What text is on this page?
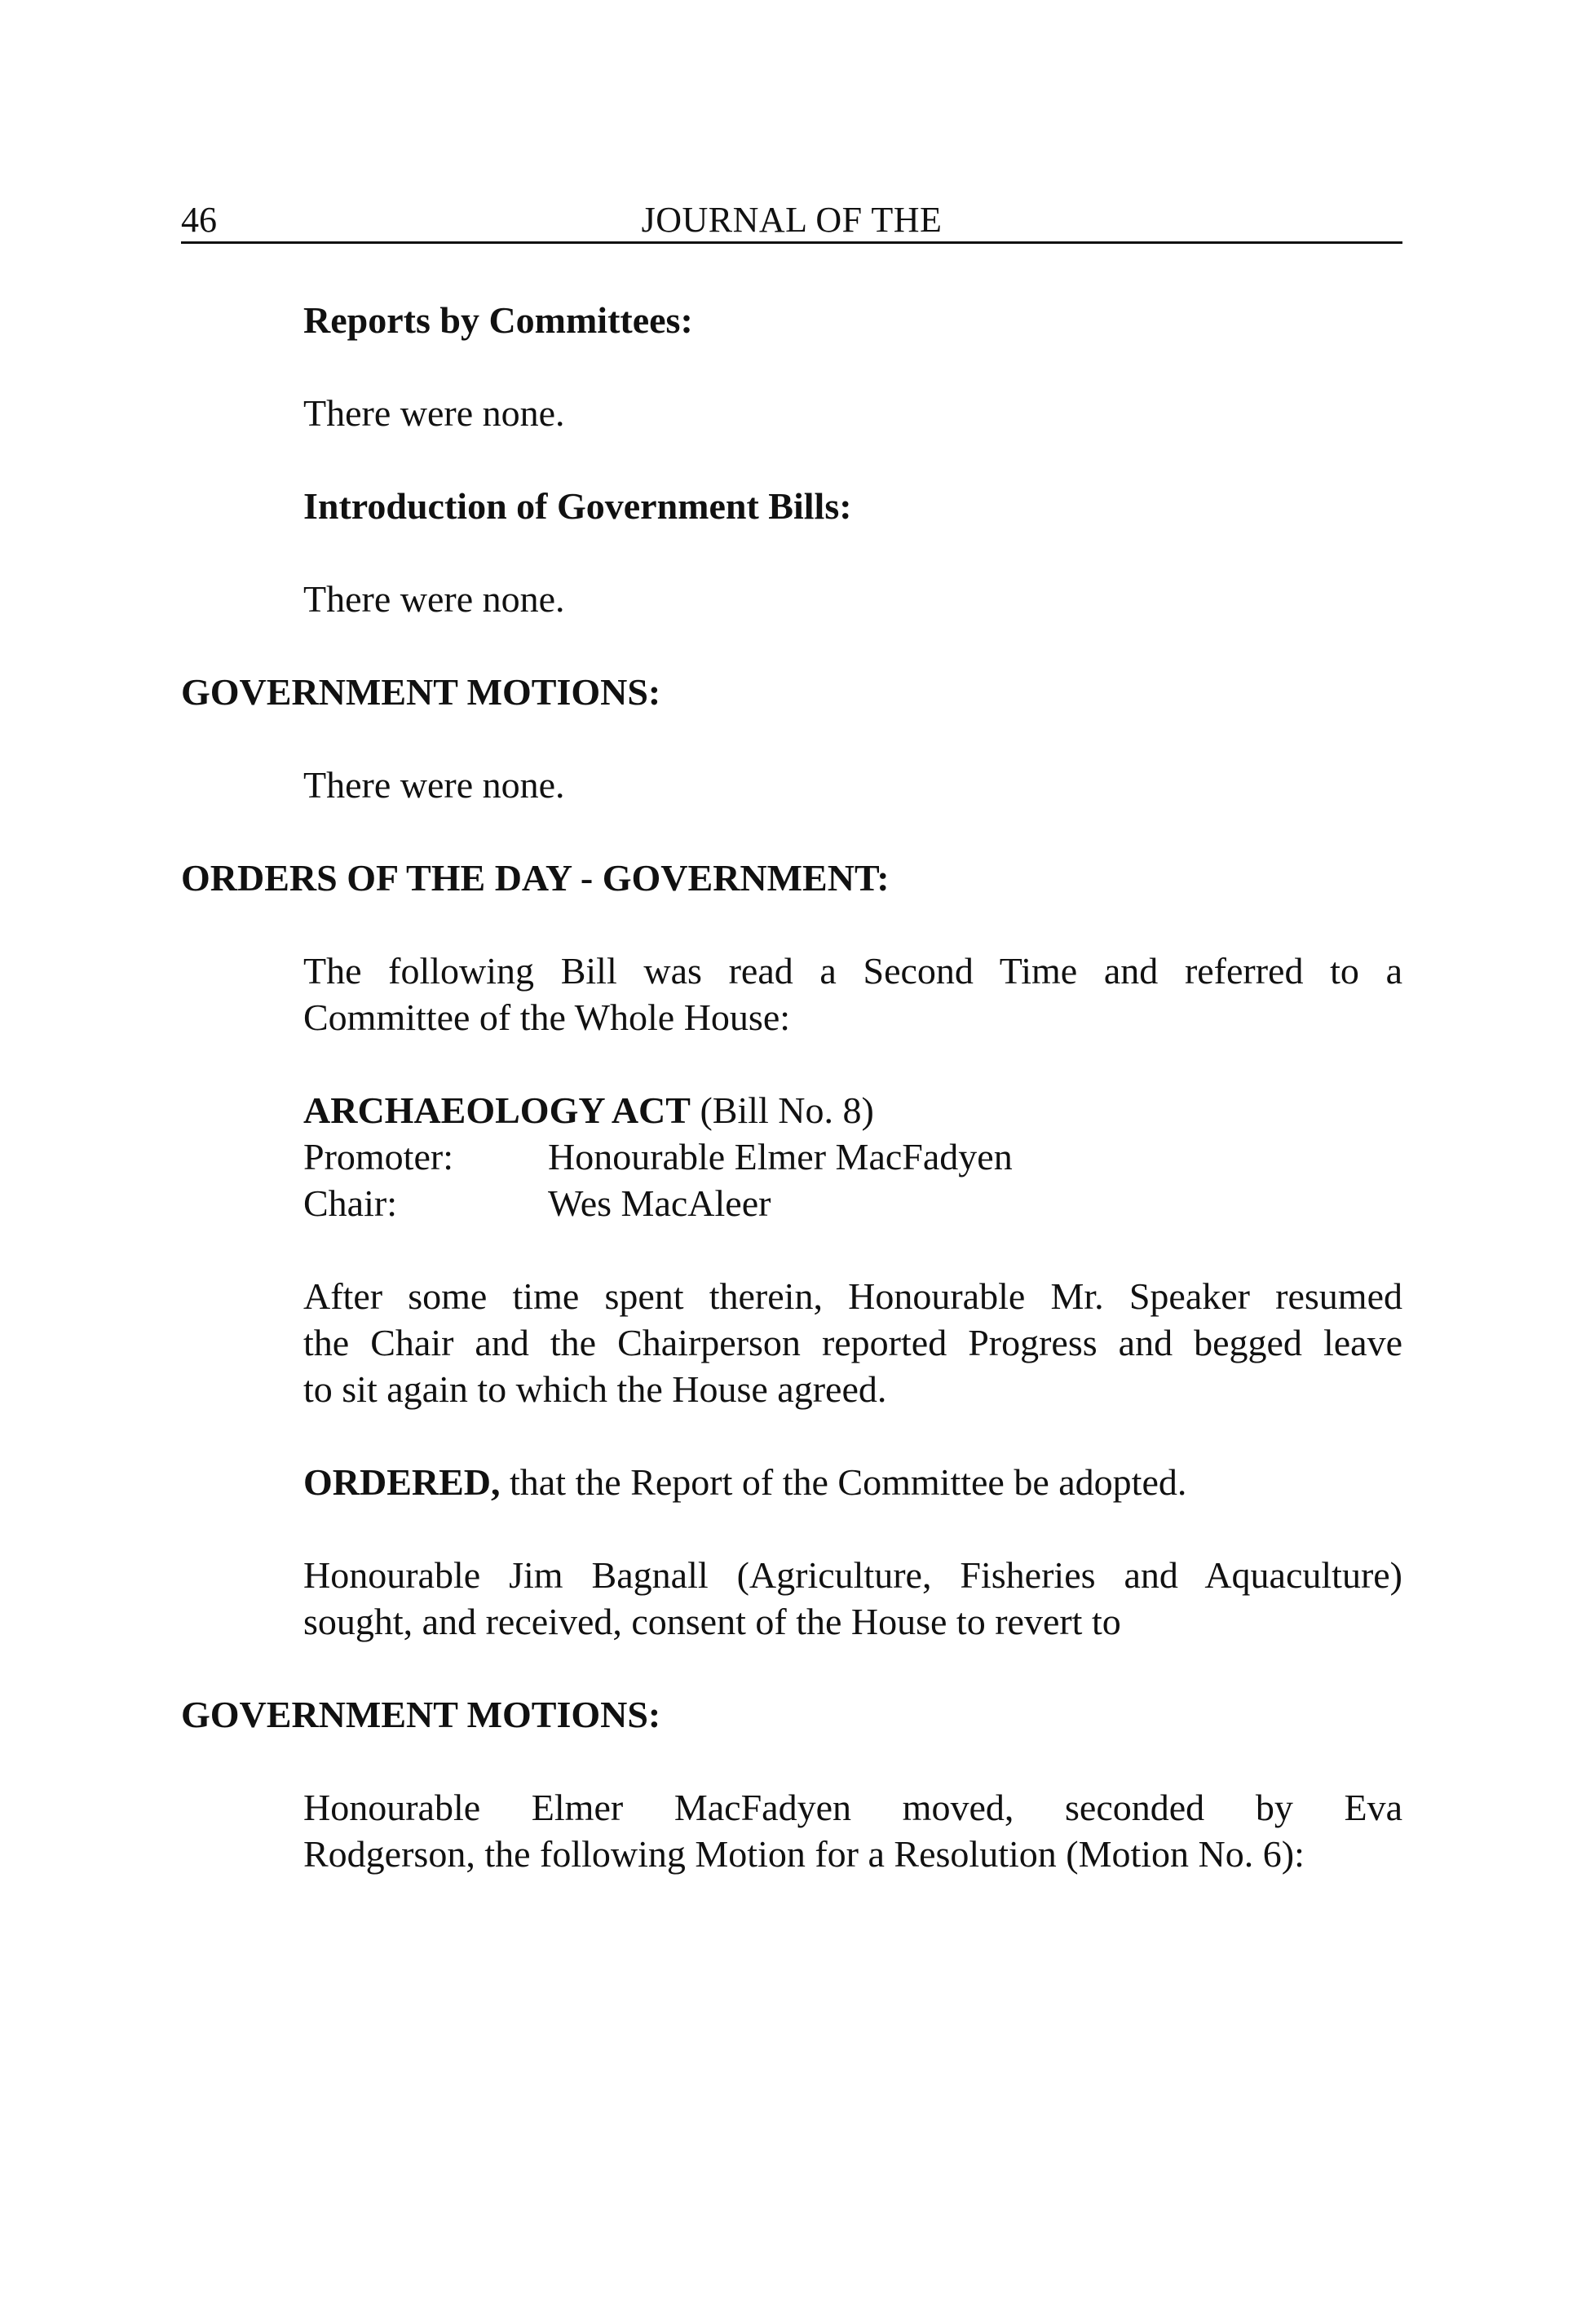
46	JOURNAL OF THE
Reports by Committees:
There were none.
Introduction of Government Bills:
There were none.
GOVERNMENT MOTIONS:
There were none.
ORDERS OF THE DAY - GOVERNMENT:
The following Bill was read a Second Time and referred to a
Committee of the Whole House:
ARCHAEOLOGY ACT (Bill No. 8)
Promoter:	Honourable Elmer MacFadyen
Chair:	Wes MacAleer
After some time spent therein, Honourable Mr. Speaker resumed
the Chair and the Chairperson reported Progress and begged leave
to sit again to which the House agreed.
ORDERED, that the Report of the Committee be adopted.
Honourable Jim Bagnall (Agriculture, Fisheries and Aquaculture)
sought, and received, consent of the House to revert to
GOVERNMENT MOTIONS:
Honourable Elmer MacFadyen moved, seconded by Eva
Rodgerson, the following Motion for a Resolution (Motion No. 6):
